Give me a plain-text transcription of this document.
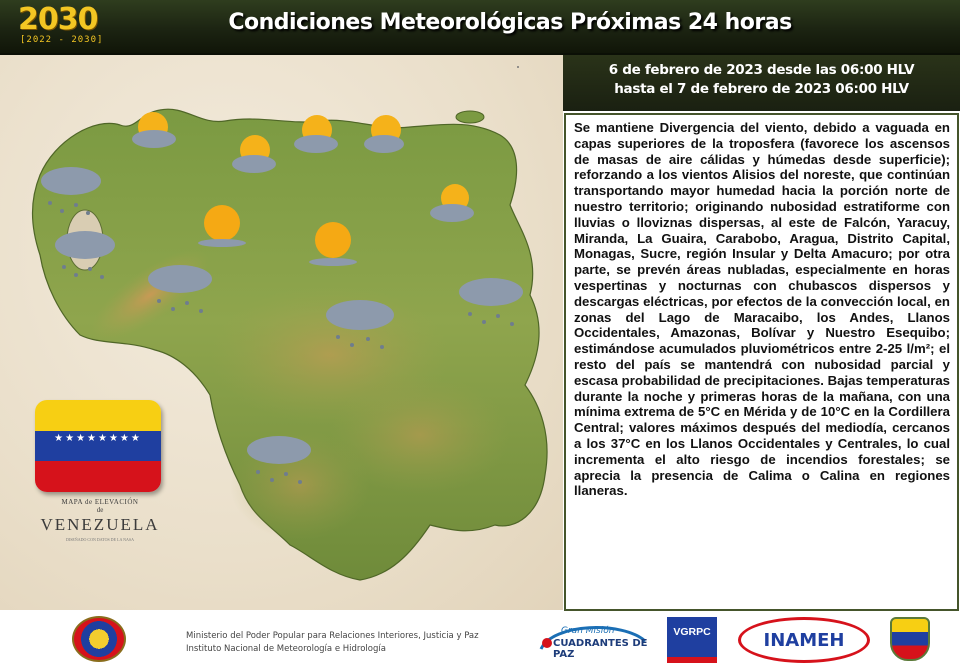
2030
[2022 - 2030]
Condiciones Meteorológicas Próximas 24 horas
★★★★★★★★
MAPA de ELEVACIÓN
de
VENEZUELA
DISEÑADO CON DATOS DE LA NASA
6 de febrero de 2023 desde las 06:00 HLV
hasta el 7 de febrero de 2023 06:00 HLV

Se mantiene Divergencia del viento, debido a vaguada en capas superiores de la troposfera (favorece los ascensos de masas de aire cálidas y húmedas desde superficie); reforzando a los vientos Alisios del noreste, que continúan transportando mayor humedad hacia la porción norte de nuestro territorio; originando nubosidad estratiforme con lluvias o lloviznas dispersas, al este de Falcón, Yaracuy, Miranda, La Guaira, Carabobo, Aragua, Distrito Capital, Monagas, Sucre, región Insular y Delta Amacuro; por otra parte, se prevén áreas nubladas, especialmente en horas vespertinas y nocturnas con chubascos dispersos y descargas eléctricas, por efectos de la convección local, en zonas del Lago de Maracaibo, los Andes, Llanos Occidentales, Amazonas, Bolívar y Nuestro Esequibo; estimándose acumulados pluviométricos entre 2-25 l/m²; el resto del país se mantendrá con nubosidad parcial y escasa probabilidad de precipitaciones. Bajas temperaturas durante la noche y primeras horas de la mañana, con una mínima extrema de 5°C en Mérida y de 10°C en la Cordillera Central; valores máximos después del mediodía, cercanos a los 37°C en los Llanos Occidentales y Centrales, lo cual incrementa el alto riesgo de incendios forestales; se aprecia la presencia de Calima o Calina en regiones llaneras.

Ministerio del Poder Popular para Relaciones Interiores, Justicia y Paz
Instituto Nacional de Meteorología e Hidrología
Gran Misión
CUADRANTES DE PAZ
VGRPC	INAMEH
